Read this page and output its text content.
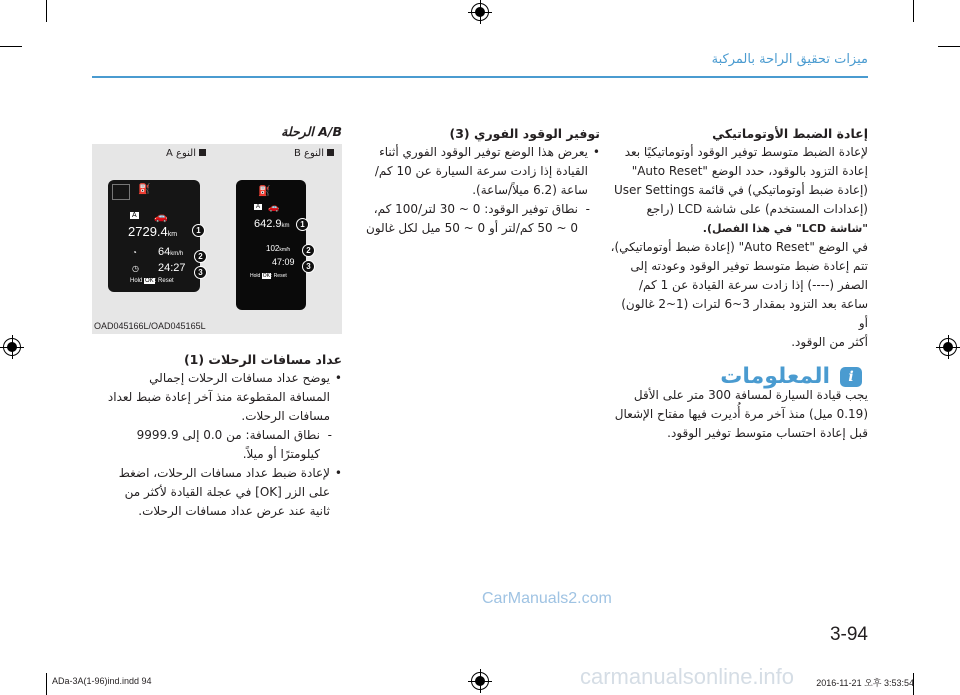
ميزات تحقيق الراحة بالمركبة

إعادة الضبط الأوتوماتيكي

لإعادة الضبط متوسط توفير الوقود أوتوماتيكيًا بعد

إعادة التزود بالوقود، حدد الوضع "Auto Reset"

(إعادة ضبط أوتوماتيكي) في قائمة User Settings

(إعدادات المستخدم) على شاشة LCD (راجع

"شاشة LCD" في هذا الفصل).

في الوضع "Auto Reset" (إعادة ضبط أوتوماتيكي)،

تتم إعادة ضبط متوسط توفير الوقود وعودته إلى

الصفر (----) إذا زادت سرعة القيادة عن 1 كم/

ساعة بعد التزود بمقدار 3~6 لترات (1~2 غالون) أو

أكثر من الوقود.

i
المعلومات

يجب قيادة السيارة لمسافة 300 متر على الأقل

(0.19 ميل) منذ آخر مرة أُديرت فيها مفتاح الإشعال

قبل إعادة احتساب متوسط توفير الوقود.

توفير الوقود الفوري (3)

• يعرض هذا الوضع توفير الوقود الفوري أثناء

القيادة إذا زادت سرعة السيارة عن 10 كم/

ساعة (6.2 ميلاً/ساعة).

- نطاق توفير الوقود: 0 ~ 30 لتر/100 كم،

0 ~ 50 كم/لتر أو 0 ~ 50 ميل لكل غالون

A/B الرحلة

النوع B
النوع A
⛽
A 🚗
642.9km
102km/h
47:09
Hold OK: Reset
1
2
3
⛽
A 🚗
2729.4km
◔ 64km/h
◷ 24:27
Hold OK: Reset
1
2
3
OAD045166L/OAD045165L

عداد مسافات الرحلات (1)

• يوضح عداد مسافات الرحلات إجمالي

المسافة المقطوعة منذ آخر إعادة ضبط لعداد

مسافات الرحلات.

- نطاق المسافة: من 0.0 إلى 9999.9

كيلومترًا أو ميلاً.

• لإعادة ضبط عداد مسافات الرحلات، اضغط

على الزر [OK] في عجلة القيادة لأكثر من

ثانية عند عرض عداد مسافات الرحلات.

CarManuals2.com
3-94
carmanualsonline.info
ADa-3A(1-96)ind.indd 94	2016-11-21 오후 3:53:54
